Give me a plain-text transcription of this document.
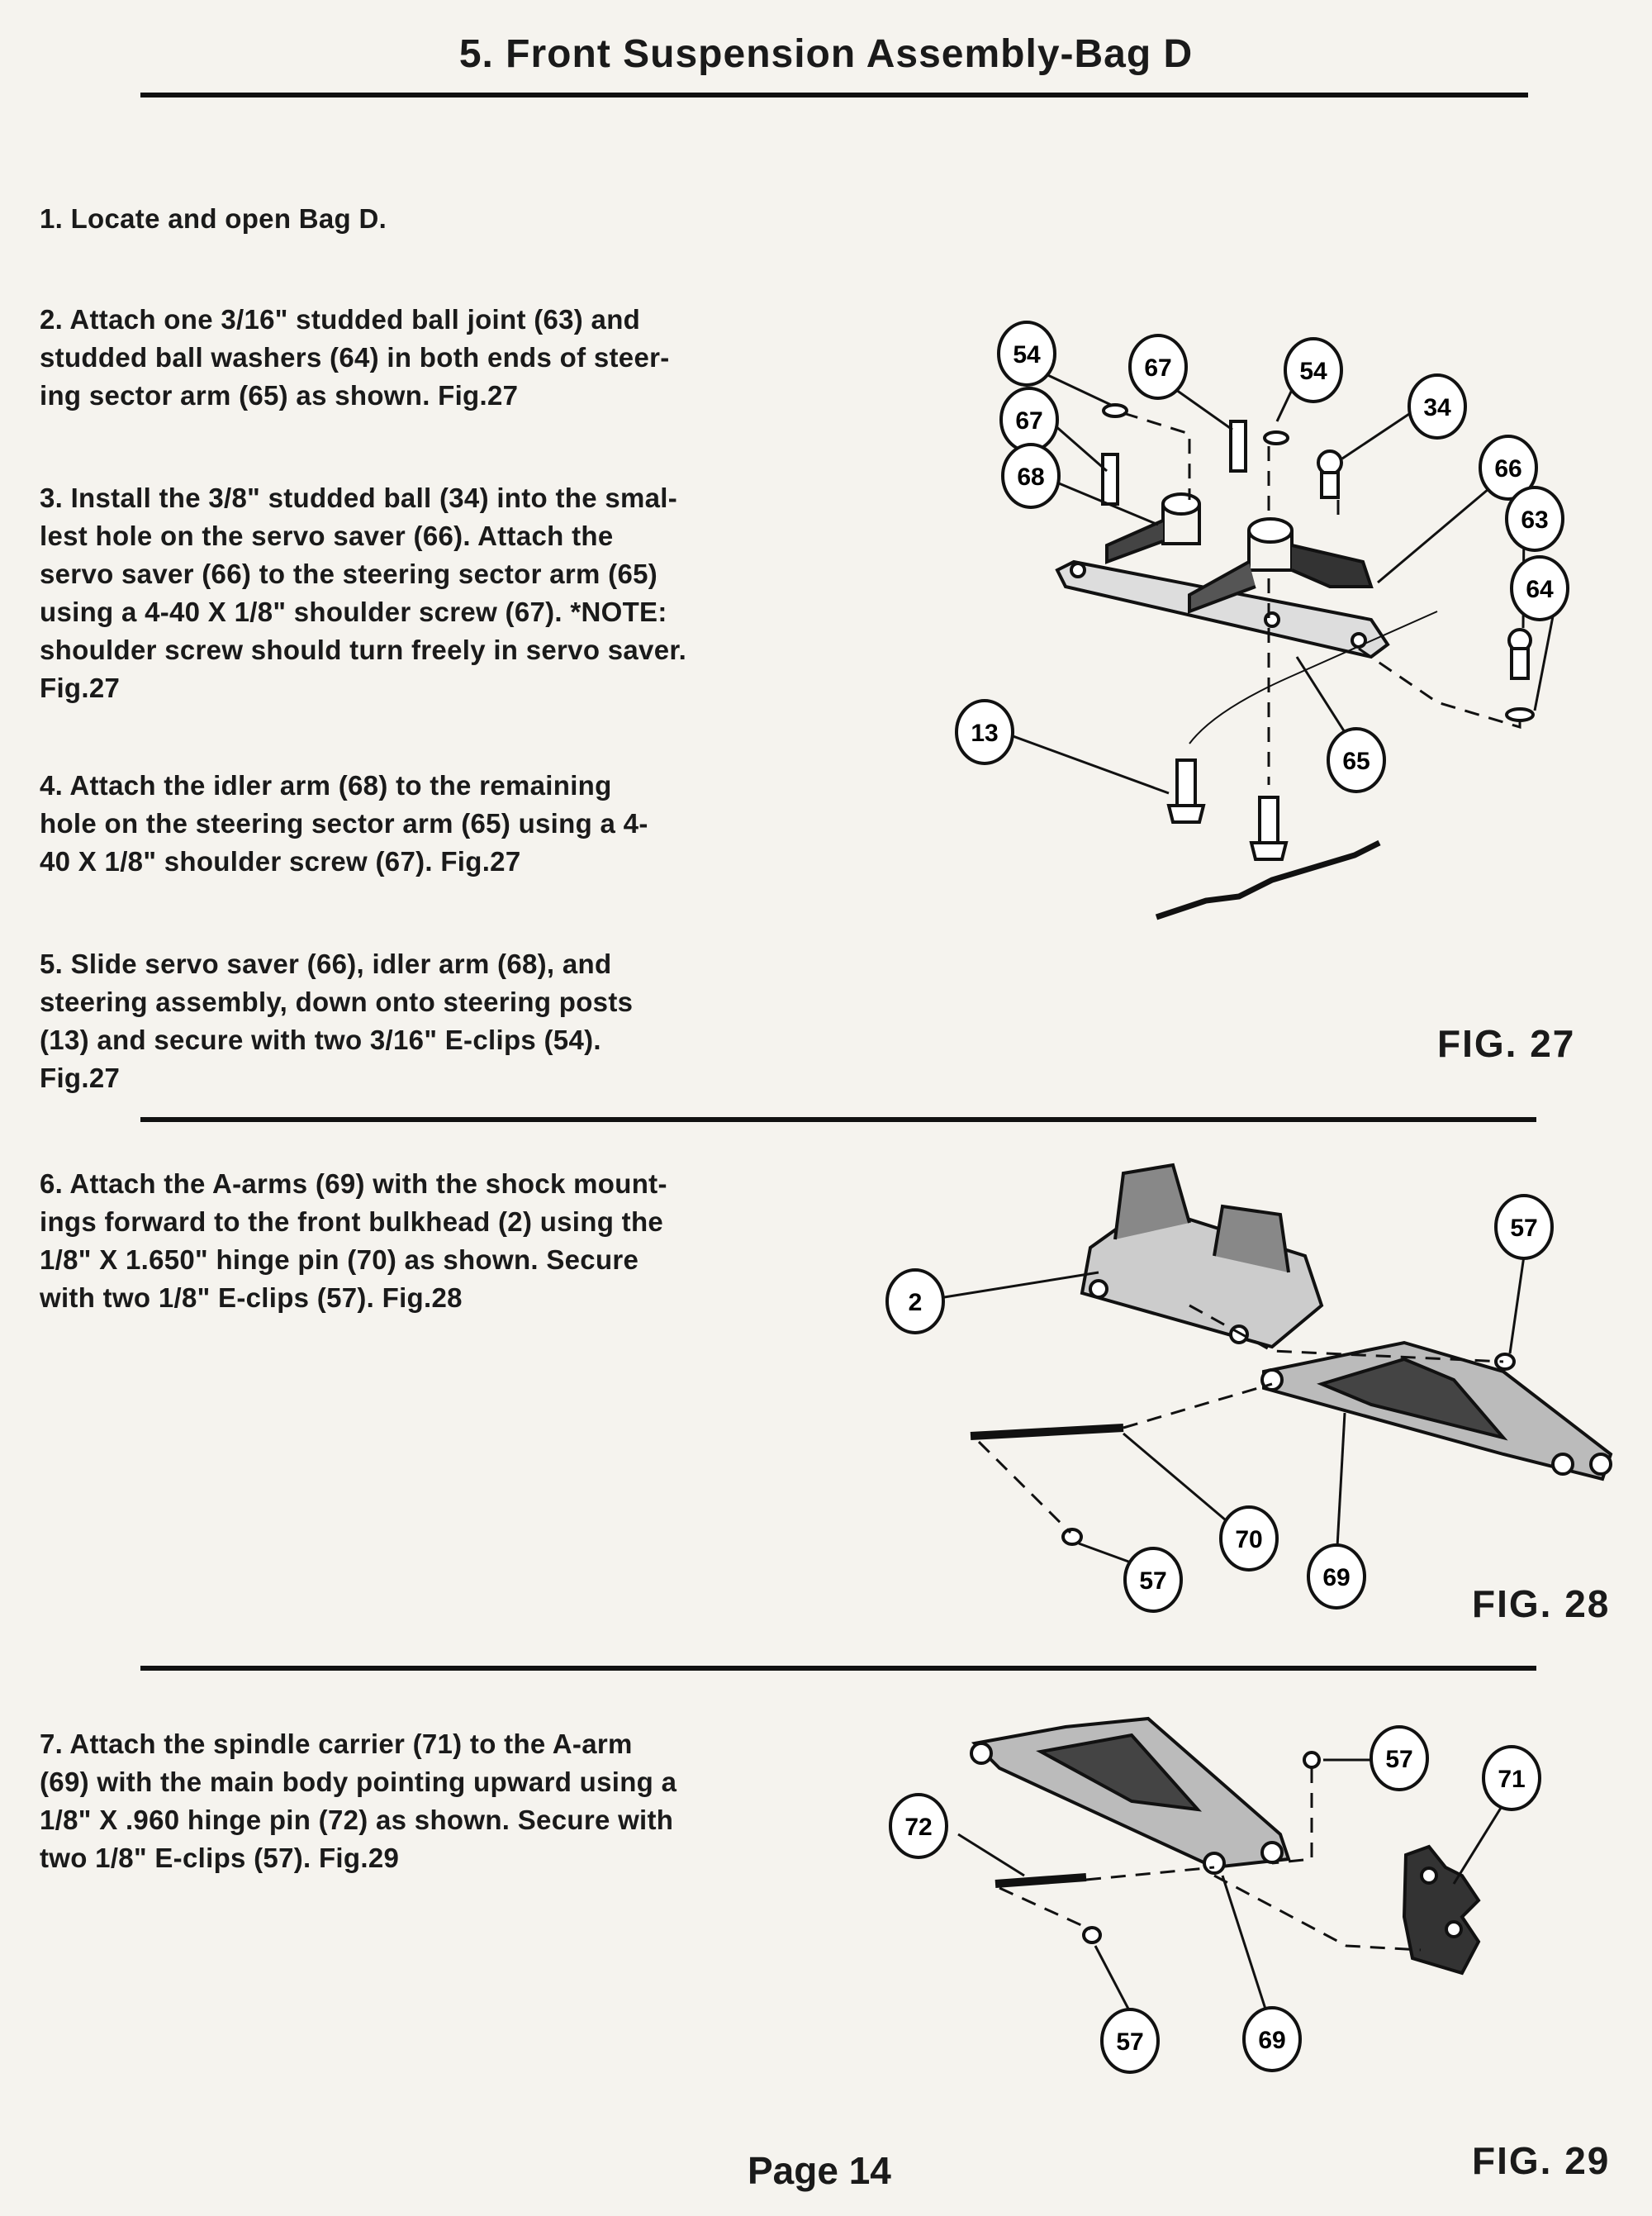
5. Front Suspension Assembly-Bag D
1. Locate and open Bag D.
2. Attach one 3/16" studded ball joint (63) and
studded ball washers (64) in both ends of steer-
ing sector arm (65) as shown. Fig.27
3. Install the 3/8" studded ball (34) into the smal-
lest hole on the servo saver (66). Attach the
servo saver (66) to the steering sector arm (65)
using a 4-40 X 1/8" shoulder screw (67). *NOTE:
shoulder screw should turn freely in servo saver.
Fig.27
4. Attach the idler arm (68) to the remaining
hole on the steering sector arm (65) using a 4-
40 X 1/8" shoulder screw (67). Fig.27
5. Slide servo saver (66), idler arm (68), and
steering assembly, down onto steering posts
(13) and secure with two 3/16" E-clips (54).
Fig.27
6. Attach the A-arms (69) with the shock mount-
ings forward to the front bulkhead (2) using the
1/8" X 1.650" hinge pin (70) as shown. Secure
with two 1/8" E-clips (57). Fig.28
7. Attach the spindle carrier (71) to the A-arm
(69) with the main body pointing upward using a
1/8" X .960 hinge pin (72) as shown. Secure with
two 1/8" E-clips (57). Fig.29
54	67	54
34
67
66
68
63
64
13
65
FIG. 27
57
2
70
57	69
FIG. 28
57
71
72
69
57
FIG. 29
Page 14
